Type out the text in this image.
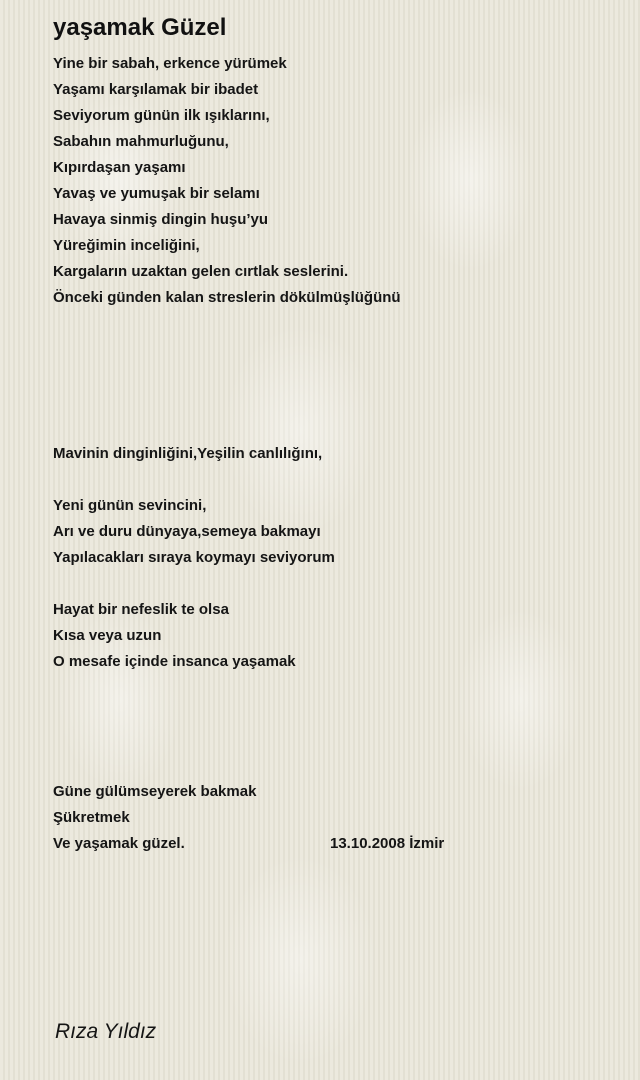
yaşamak Güzel
Yine bir sabah, erkence yürümek
Yaşamı karşılamak bir ibadet
Seviyorum günün ilk ışıklarını,
Sabahın mahmurluğunu,
Kıpırdaşan yaşamı
Yavaş ve yumuşak bir selamı
Havaya sinmiş dingin huşu’yu
Yüreğimin inceliğini,
Kargaların uzaktan gelen cırtlak seslerini.
Önceki günden kalan streslerin dökülmüşlüğünü
Mavinin dinginliğini,Yeşilin canlılığını,
Yeni günün sevincini,
Arı ve duru dünyaya,semeya bakmayı
Yapılacakları sıraya koymayı seviyorum
Hayat bir nefeslik te olsa
Kısa veya uzun
O mesafe içinde insanca yaşamak
Güne gülümseyerek bakmak
Şükretmek
Ve yaşamak güzel.	13.10.2008 İzmir
Rıza Yıldız
